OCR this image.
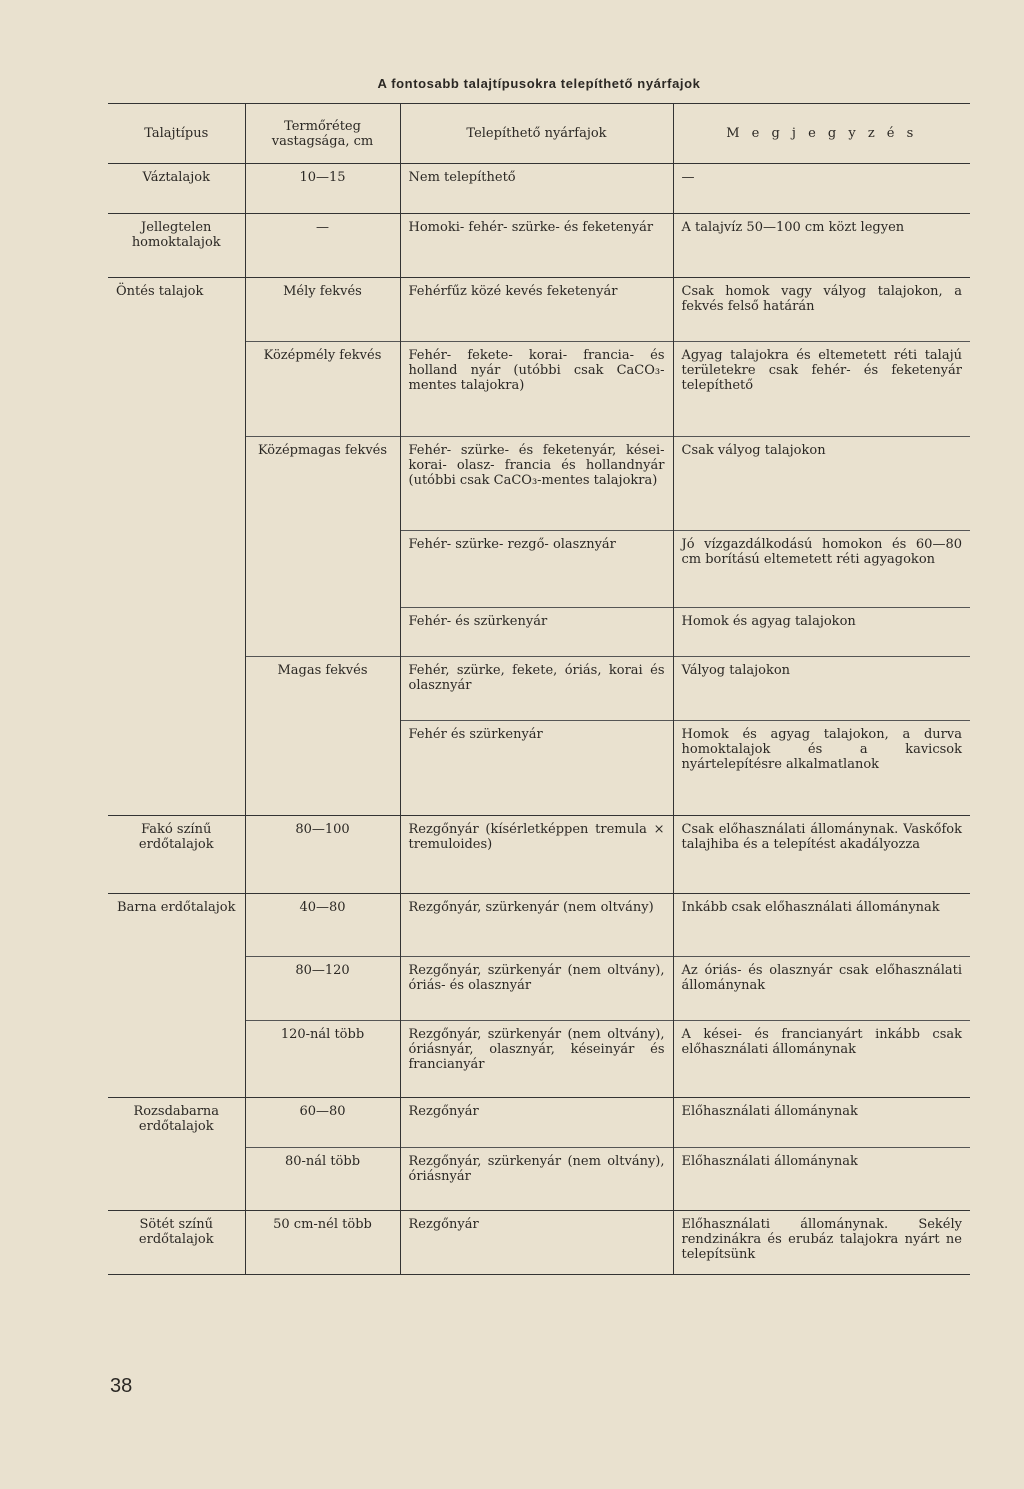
A fontosabb talajtípusokra telepíthető nyárfajok
Talajtípus	Termőréteg vastagsága, cm	Telepíthető nyárfajok	M e g j e g y z é s
Váztalajok	10—15	Nem telepíthető	—
Jellegtelen homoktalajok	—	Homoki- fehér- szürke- és feketenyár	A talajvíz 50—100 cm közt legyen
Öntés talajok	Mély fekvés	Fehérfűz közé kevés feketenyár	Csak homok vagy vályog talajokon, a fekvés felső határán
	Középmély fekvés	Fehér- fekete- korai- francia- és holland nyár (utóbbi csak CaCO₃-mentes talajokra)	Agyag talajokra és eltemetett réti talajú területekre csak fehér- és feketenyár telepíthető
	Középmagas fekvés	Fehér- szürke- és feketenyár, kései- korai- olasz- francia és hollandnyár (utóbbi csak CaCO₃-mentes talajokra)	Csak vályog talajokon
		Fehér- szürke- rezgő- olasznyár	Jó vízgazdálkodású homokon és 60—80 cm borítású eltemetett réti agyagokon
		Fehér- és szürkenyár	Homok és agyag talajokon
	Magas fekvés	Fehér, szürke, fekete, óriás, korai és olasznyár	Vályog talajokon
		Fehér és szürkenyár	Homok és agyag talajokon, a durva homoktalajok és a kavicsok nyártelepítésre alkalmatlanok
Fakó színű erdőtalajok	80—100	Rezgőnyár (kísérletképpen tremula × tremuloides)	Csak előhasználati állománynak. Vaskőfok talajhiba és a telepítést akadályozza
Barna erdőtalajok	40—80	Rezgőnyár, szürkenyár (nem oltvány)	Inkább csak előhasználati állománynak
	80—120	Rezgőnyár, szürkenyár (nem oltvány), óriás- és olasznyár	Az óriás- és olasznyár csak előhasználati állománynak
	120-nál több	Rezgőnyár, szürkenyár (nem oltvány), óriásnyár, olasznyár, késeinyár és francianyár	A kései- és francianyárt inkább csak előhasználati állománynak
Rozsdabarna erdőtalajok	60—80	Rezgőnyár	Előhasználati állománynak
	80-nál több	Rezgőnyár, szürkenyár (nem oltvány), óriásnyár	Előhasználati állománynak
Sötét színű erdőtalajok	50 cm-nél több	Rezgőnyár	Előhasználati állománynak. Sekély rendzinákra és erubáz talajokra nyárt ne telepítsünk
38
